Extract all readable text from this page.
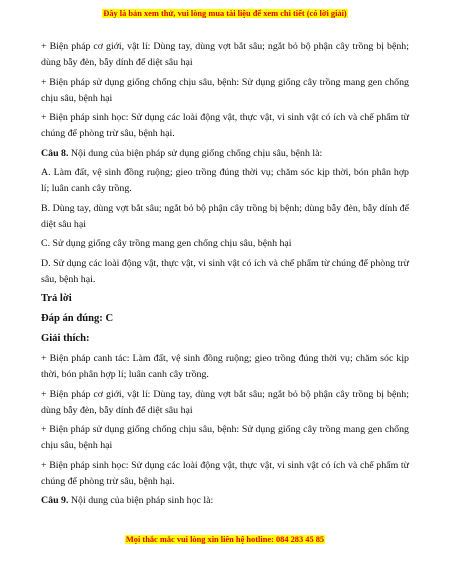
Đây là bản xem thử, vui lòng mua tài liệu để xem chi tiết (có lời giải)

+ Biện pháp cơ giới, vật lí: Dùng tay, dùng vợt bắt sâu; ngắt bỏ bộ phận cây trồng bị bệnh; dùng bẫy đèn, bẫy dính để diệt sâu hại

+ Biện pháp sử dụng giống chống chịu sâu, bệnh: Sử dụng giống cây trồng mang gen chống chịu sâu, bệnh hại

+ Biện pháp sinh học: Sử dụng các loài động vật, thực vật, vi sinh vật có ích và chế phẩm từ chúng để phòng trừ sâu, bệnh hại.

Câu 8. Nội dung của biện pháp sử dụng giống chống chịu sâu, bệnh là:

A. Làm đất, vệ sinh đồng ruộng; gieo trồng đúng thời vụ; chăm sóc kịp thời, bón phân hợp lí; luân canh cây trồng.

B. Dùng tay, dùng vợt bắt sâu; ngắt bỏ bộ phận cây trồng bị bệnh; dùng bẫy đèn, bẫy dính để diệt sâu hại

C. Sử dụng giống cây trồng mang gen chống chịu sâu, bệnh hại

D. Sử dụng các loài động vật, thực vật, vi sinh vật có ích và chế phẩm từ chúng để phòng trừ sâu, bệnh hại.

Trả lời

Đáp án đúng: C

Giải thích:

+ Biện pháp canh tác: Làm đất, vệ sinh đồng ruộng; gieo trồng đúng thời vụ; chăm sóc kịp thời, bón phân hợp lí; luân canh cây trồng.

+ Biện pháp cơ giới, vật lí: Dùng tay, dùng vợt bắt sâu; ngắt bỏ bộ phận cây trồng bị bệnh; dùng bẫy đèn, bẫy dính để diệt sâu hại

+ Biện pháp sử dụng giống chống chịu sâu, bệnh: Sử dụng giống cây trồng mang gen chống chịu sâu, bệnh hại

+ Biện pháp sinh học: Sử dụng các loài động vật, thực vật, vi sinh vật có ích và chế phẩm từ chúng để phòng trừ sâu, bệnh hại.

Câu 9. Nội dung của biện pháp sinh học là:

Mọi thắc mắc vui lòng xin liên hệ hotline: 084 283 45 85
